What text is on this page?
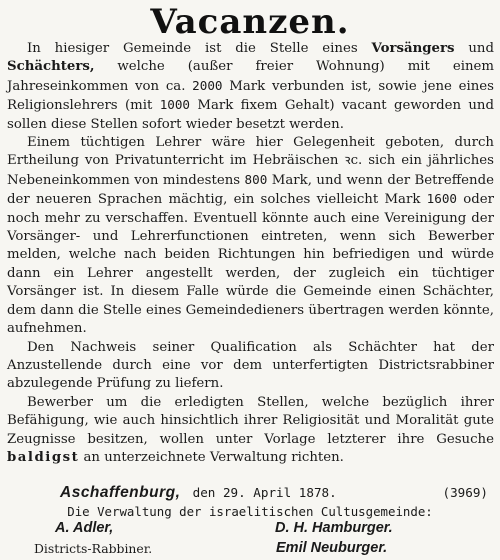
Vacanzen.

In hiesiger Gemeinde ist die Stelle eines Vorsängers und Schächters, welche (außer freier Wohnung) mit einem Jahreseinkommen von ca. 2000 Mark verbunden ist, sowie jene eines Religionslehrers (mit 1000 Mark fixem Gehalt) vacant geworden und sollen diese Stellen sofort wieder besetzt werden.

Einem tüchtigen Lehrer wäre hier Gelegenheit geboten, durch Ertheilung von Privatunterricht im Hebräischen ꝛc. sich ein jährliches Nebeneinkommen von mindestens 800 Mark, und wenn der Betreffende der neueren Sprachen mächtig, ein solches vielleicht Mark 1600 oder noch mehr zu verschaffen. Eventuell könnte auch eine Vereinigung der Vorsänger- und Lehrerfunctionen eintreten, wenn sich Bewerber melden, welche nach beiden Richtungen hin befriedigen und würde dann ein Lehrer angestellt werden, der zugleich ein tüchtiger Vorsänger ist. In diesem Falle würde die Gemeinde einen Schächter, dem dann die Stelle eines Gemeindedieners übertragen werden könnte, aufnehmen.

Den Nachweis seiner Qualification als Schächter hat der Anzustellende durch eine vor dem unterfertigten Districtsrabbiner abzulegende Prüfung zu liefern.

Bewerber um die erledigten Stellen, welche bezüglich ihrer Befähigung, wie auch hinsichtlich ihrer Religiosität und Moralität gute Zeugnisse besitzen, wollen unter Vorlage letzterer ihre Gesuche baldigst an unterzeichnete Verwaltung richten.

Aschaffenburg, den 29. April 1878.	(3969)
Die Verwaltung der israelitischen Cultusgemeinde:
A. Adler,
Districts-Rabbiner.
D. H. Hamburger.
Emil Neuburger.
